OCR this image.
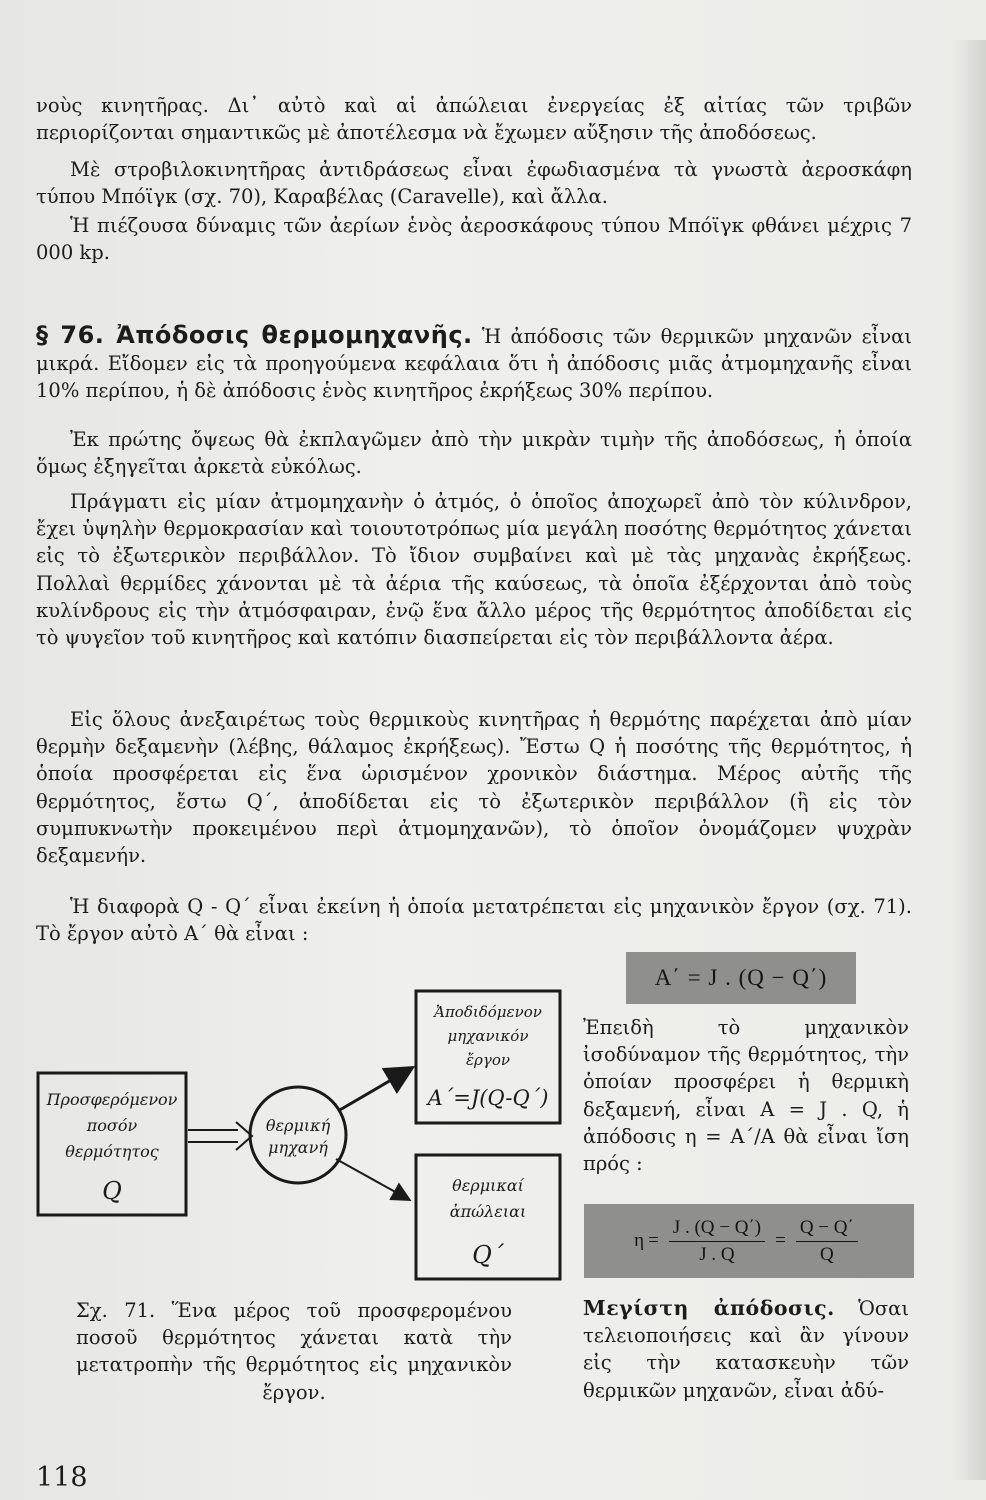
νοὺς κινητῆρας. Δι᾽ αὐτὸ καὶ αἱ ἀπώλειαι ἐνεργείας ἐξ αἰτίας τῶν τριβῶν περιορίζονται σημαντικῶς μὲ ἀποτέλεσμα νὰ ἔχωμεν αὔξησιν τῆς ἀποδόσεως.

Μὲ στροβιλοκινητῆρας ἀντιδράσεως εἶναι ἐφωδιασμένα τὰ γνωστὰ ἀεροσκάφη τύπου Μπόϊγκ (σχ. 70), Καραβέλας (Caravelle), καὶ ἄλλα.

Ἡ πιέζουσα δύναμις τῶν ἀερίων ἑνὸς ἀεροσκάφους τύπου Μπόϊγκ φθάνει μέχρις 7 000 kp.

§ 76. Ἀπόδοσις θερμομηχανῆς. Ἡ ἀπόδοσις τῶν θερμικῶν μηχανῶν εἶναι μικρά. Εἴδομεν εἰς τὰ προηγούμενα κεφάλαια ὅτι ἡ ἀπόδοσις μιᾶς ἀτμομηχανῆς εἶναι 10% περίπου, ἡ δὲ ἀπόδοσις ἑνὸς κινητῆρος ἐκρήξεως 30% περίπου.

Ἐκ πρώτης ὄψεως θὰ ἐκπλαγῶμεν ἀπὸ τὴν μικρὰν τιμὴν τῆς ἀποδόσεως, ἡ ὁποία ὅμως ἐξηγεῖται ἀρκετὰ εὐκόλως.

Πράγματι εἰς μίαν ἀτμομηχανὴν ὁ ἀτμός, ὁ ὁποῖος ἀποχωρεῖ ἀπὸ τὸν κύλινδρον, ἔχει ὑψηλὴν θερμοκρασίαν καὶ τοιουτοτρόπως μία μεγάλη ποσότης θερμότητος χάνεται εἰς τὸ ἐξωτερικὸν περιβάλλον. Τὸ ἴδιον συμβαίνει καὶ μὲ τὰς μηχανὰς ἐκρήξεως. Πολλαὶ θερμίδες χάνονται μὲ τὰ ἀέρια τῆς καύσεως, τὰ ὁποῖα ἐξέρχονται ἀπὸ τοὺς κυλίνδρους εἰς τὴν ἀτμόσφαιραν, ἐνῷ ἕνα ἄλλο μέρος τῆς θερμότητος ἀποδίδεται εἰς τὸ ψυγεῖον τοῦ κινητῆρος καὶ κατόπιν διασπείρεται εἰς τὸν περιβάλλοντα ἀέρα.

Εἰς ὅλους ἀνεξαιρέτως τοὺς θερμικοὺς κινητῆρας ἡ θερμότης παρέχεται ἀπὸ μίαν θερμὴν δεξαμενὴν (λέβης, θάλαμος ἐκρήξεως). Ἔστω Q ἡ ποσότης τῆς θερμότητος, ἡ ὁποία προσφέρεται εἰς ἕνα ὡρισμένον χρονικὸν διάστημα. Μέρος αὐτῆς τῆς θερμότητος, ἔστω Q΄, ἀποδίδεται εἰς τὸ ἐξωτερικὸν περιβάλλον (ἢ εἰς τὸν συμπυκνωτὴν προκειμένου περὶ ἀτμομηχανῶν), τὸ ὁποῖον ὀνομάζομεν ψυχρὰν δεξαμενήν.

Ἡ διαφορὰ Q - Q΄ εἶναι ἐκείνη ἡ ὁποία μετατρέπεται εἰς μηχανικὸν ἔργον (σχ. 71). Τὸ ἔργον αὐτὸ Α΄ θὰ εἶναι :

Α΄ = J . (Q − Q΄)

Ἐπειδὴ τὸ μηχανικὸν ἰσοδύναμον τῆς θερμότητος, τὴν ὁποίαν προσφέρει ἡ θερμικὴ δεξαμενή, εἶναι Α = J . Q, ἡ ἀπόδοσις η = Α΄/Α θὰ εἶναι ἴση πρός :

$\eta = \frac{J . (Q - Q΄)}{J . Q} = \frac{Q - Q΄}{Q}$

Μεγίστη ἀπόδοσις. Ὁσαι τελειοποιήσεις καὶ ἂν γίνουν εἰς τὴν κατασκευὴν τῶν θερμικῶν μηχανῶν, εἶναι ἀδύ-

Προσφερόμενον
ποσόν
θερμότητος
Q
θερμική
μηχανή
Ἀποδιδόμενον
μηχανικόν
ἔργον
Α΄=J(Q-Q΄)
θερμικαί
ἀπώλειαι
Q΄

Σχ. 71. Ἕνα μέρος τοῦ προσφερομένου ποσοῦ θερμότητος χάνεται κατὰ τὴν μετατροπὴν τῆς θερμότητος εἰς μηχανικὸν ἔργον.

118
